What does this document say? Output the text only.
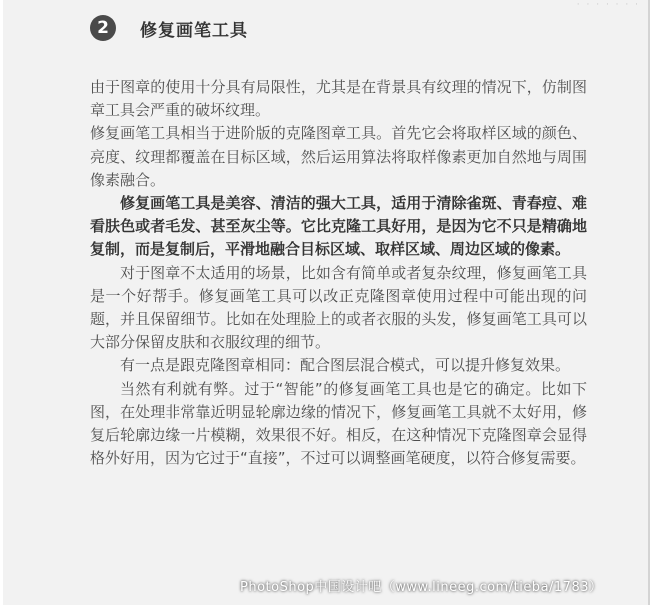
· · · · · · ·
2	修复画笔工具

由于图章的使用十分具有局限性，尤其是在背景具有纹理的情况下，仿制图章工具会严重的破坏纹理。

修复画笔工具相当于进阶版的克隆图章工具。首先它会将取样区域的颜色、亮度、纹理都覆盖在目标区域，然后运用算法将取样像素更加自然地与周围像素融合。

修复画笔工具是美容、清洁的强大工具，适用于清除雀斑、青春痘、难看肤色或者毛发、甚至灰尘等。它比克隆工具好用，是因为它不只是精确地复制，而是复制后，平滑地融合目标区域、取样区域、周边区域的像素。

对于图章不太适用的场景，比如含有简单或者复杂纹理，修复画笔工具是一个好帮手。修复画笔工具可以改正克隆图章使用过程中可能出现的问题，并且保留细节。比如在处理脸上的或者衣服的头发，修复画笔工具可以大部分保留皮肤和衣服纹理的细节。

有一点是跟克隆图章相同：配合图层混合模式，可以提升修复效果。

当然有利就有弊。过于“智能”的修复画笔工具也是它的确定。比如下图，在处理非常靠近明显轮廓边缘的情况下，修复画笔工具就不太好用，修复后轮廓边缘一片模糊，效果很不好。相反，在这种情况下克隆图章会显得格外好用，因为它过于“直接”，不过可以调整画笔硬度，以符合修复需要。

PhotoShop中国设计吧（www.lineeg.com/tieba/1783）
